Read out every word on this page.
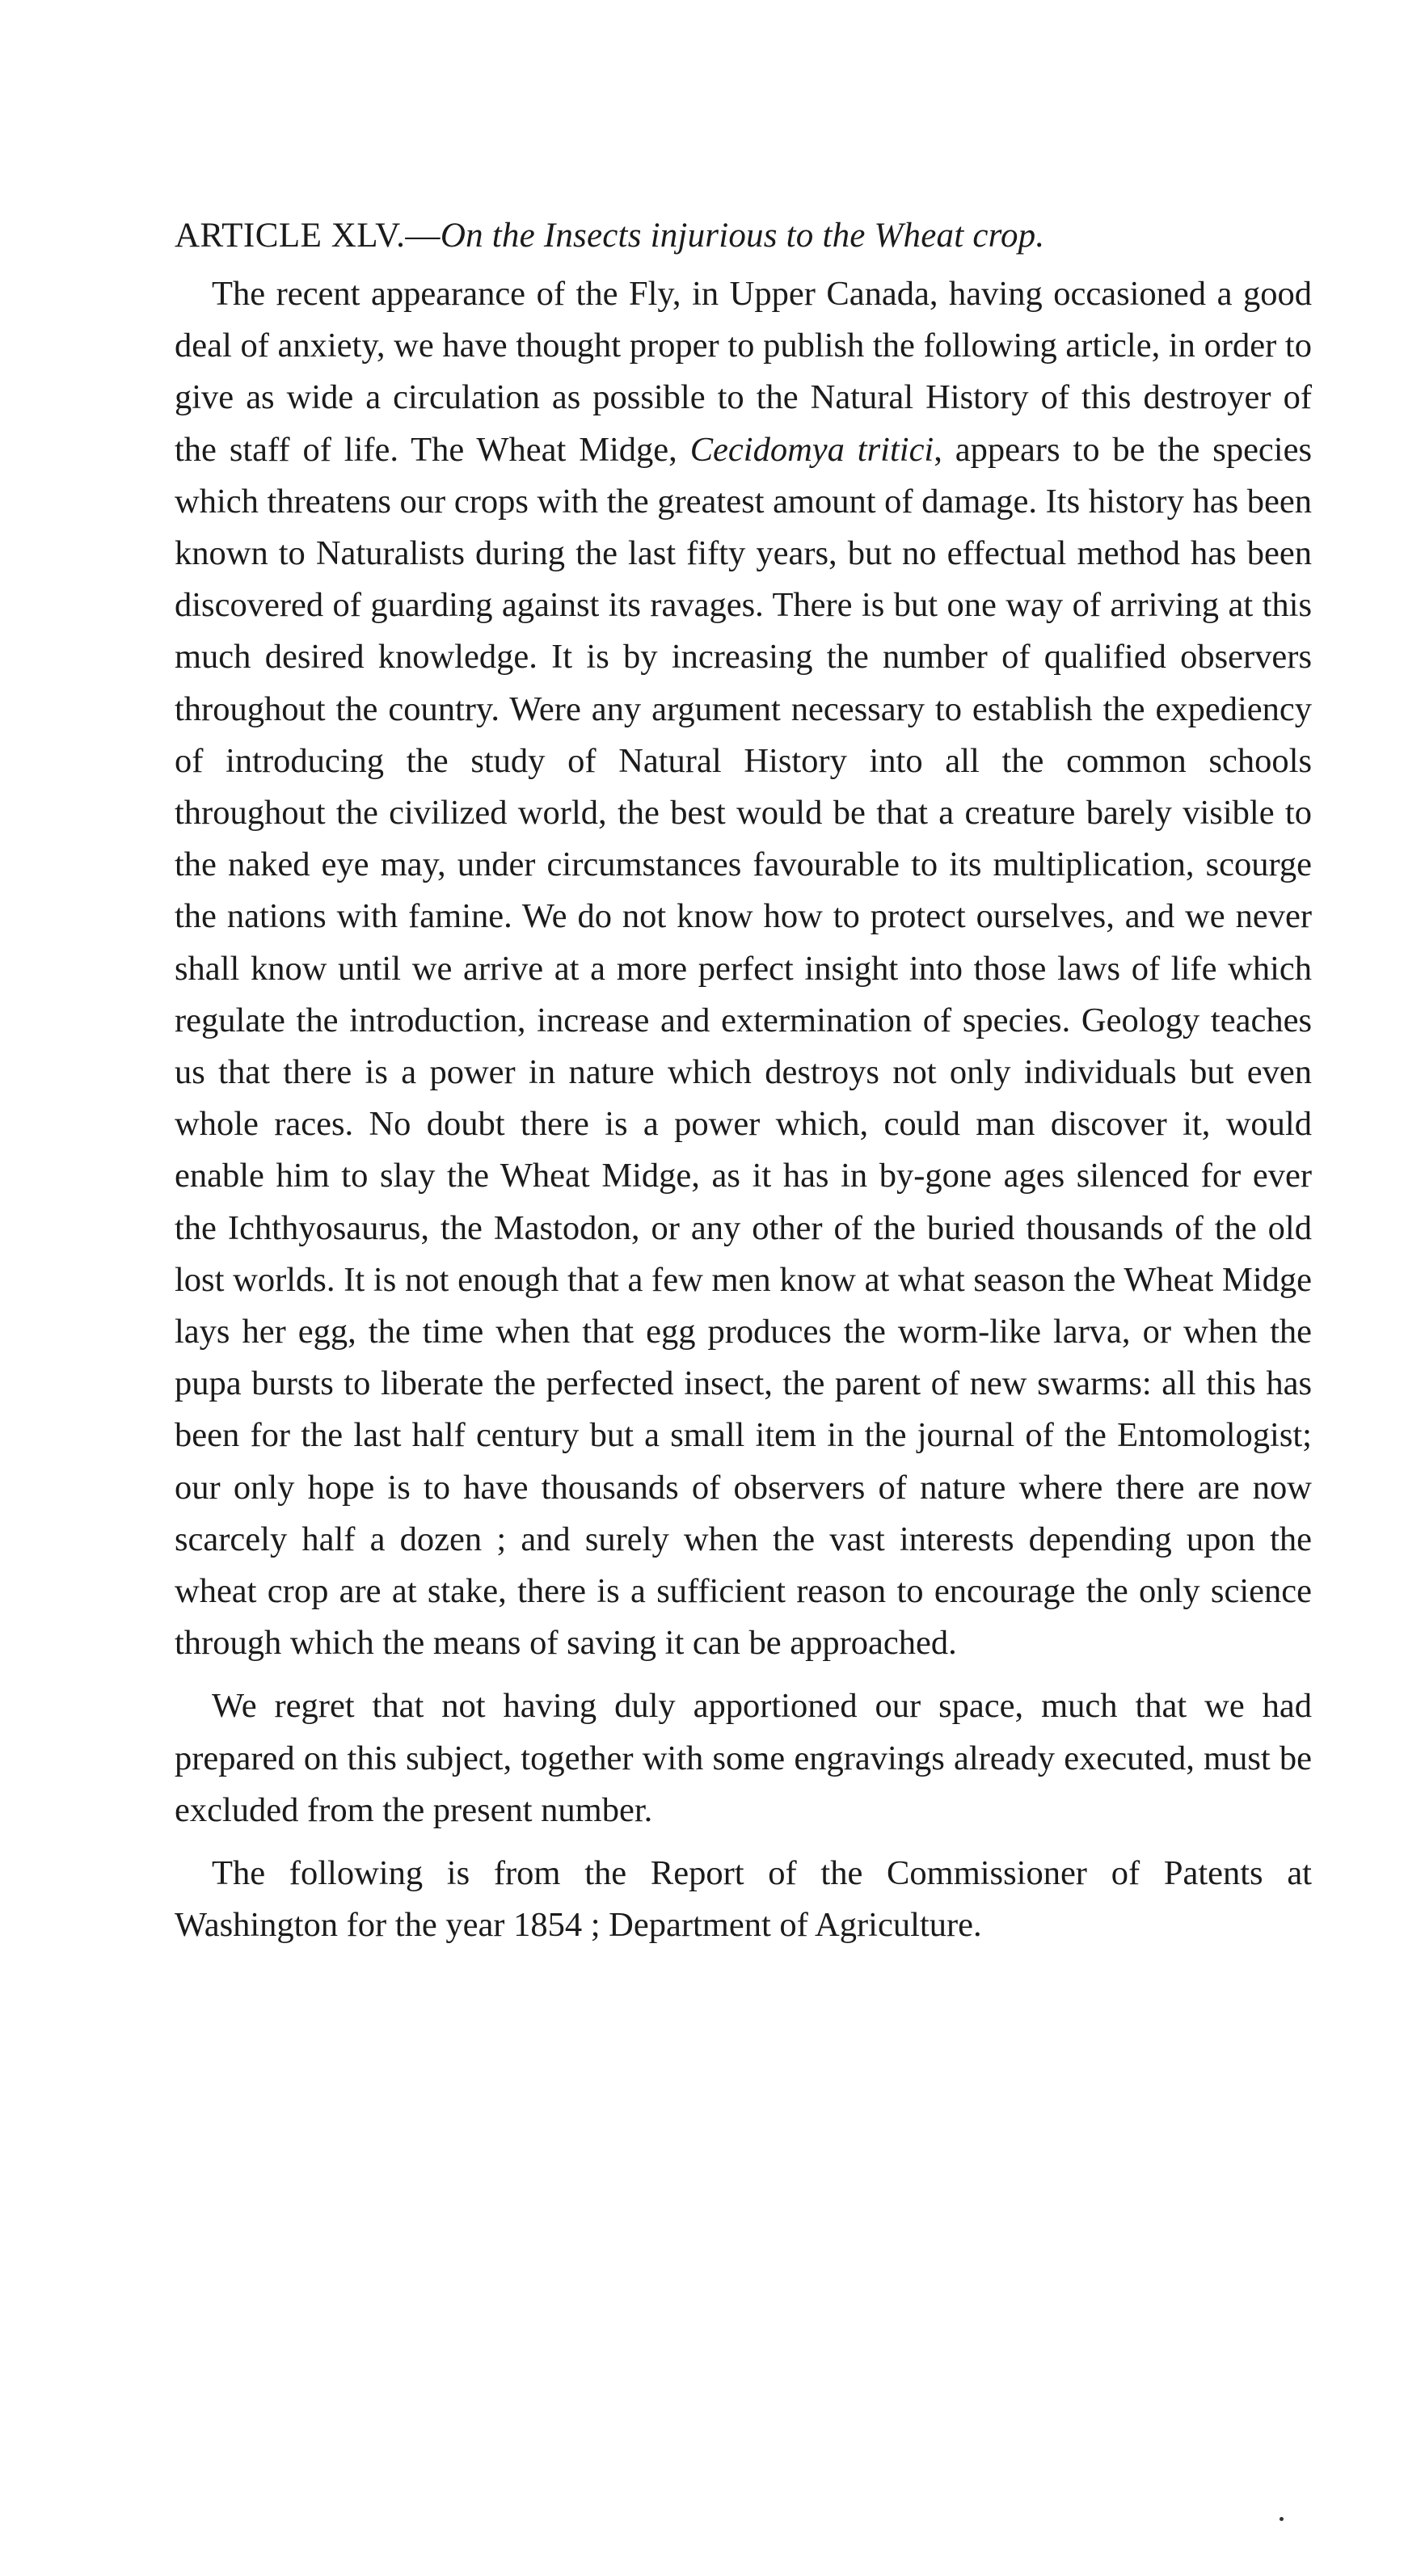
ARTICLE XLV.—On the Insects injurious to the Wheat crop.

The recent appearance of the Fly, in Upper Canada, having occasioned a good deal of anxiety, we have thought proper to publish the following article, in order to give as wide a circulation as possible to the Natural History of this destroyer of the staff of life. The Wheat Midge, Cecidomya tritici, appears to be the species which threatens our crops with the greatest amount of damage. Its history has been known to Naturalists during the last fifty years, but no effectual method has been discovered of guarding against its ravages. There is but one way of arriving at this much desired knowledge. It is by increasing the number of qualified observers throughout the country. Were any argument necessary to establish the expediency of introducing the study of Natural History into all the common schools throughout the civilized world, the best would be that a creature barely visible to the naked eye may, under circumstances favourable to its multiplication, scourge the nations with famine. We do not know how to protect ourselves, and we never shall know until we arrive at a more perfect insight into those laws of life which regulate the introduction, increase and extermination of species. Geology teaches us that there is a power in nature which destroys not only individuals but even whole races. No doubt there is a power which, could man discover it, would enable him to slay the Wheat Midge, as it has in by-gone ages silenced for ever the Ichthyosaurus, the Mastodon, or any other of the buried thousands of the old lost worlds. It is not enough that a few men know at what season the Wheat Midge lays her egg, the time when that egg produces the worm-like larva, or when the pupa bursts to liberate the perfected insect, the parent of new swarms: all this has been for the last half century but a small item in the journal of the Entomologist; our only hope is to have thousands of observers of nature where there are now scarcely half a dozen ; and surely when the vast interests depending upon the wheat crop are at stake, there is a sufficient reason to encourage the only science through which the means of saving it can be approached.

We regret that not having duly apportioned our space, much that we had prepared on this subject, together with some engravings already executed, must be excluded from the present number.

The following is from the Report of the Commissioner of Patents at Washington for the year 1854 ; Department of Agriculture.
